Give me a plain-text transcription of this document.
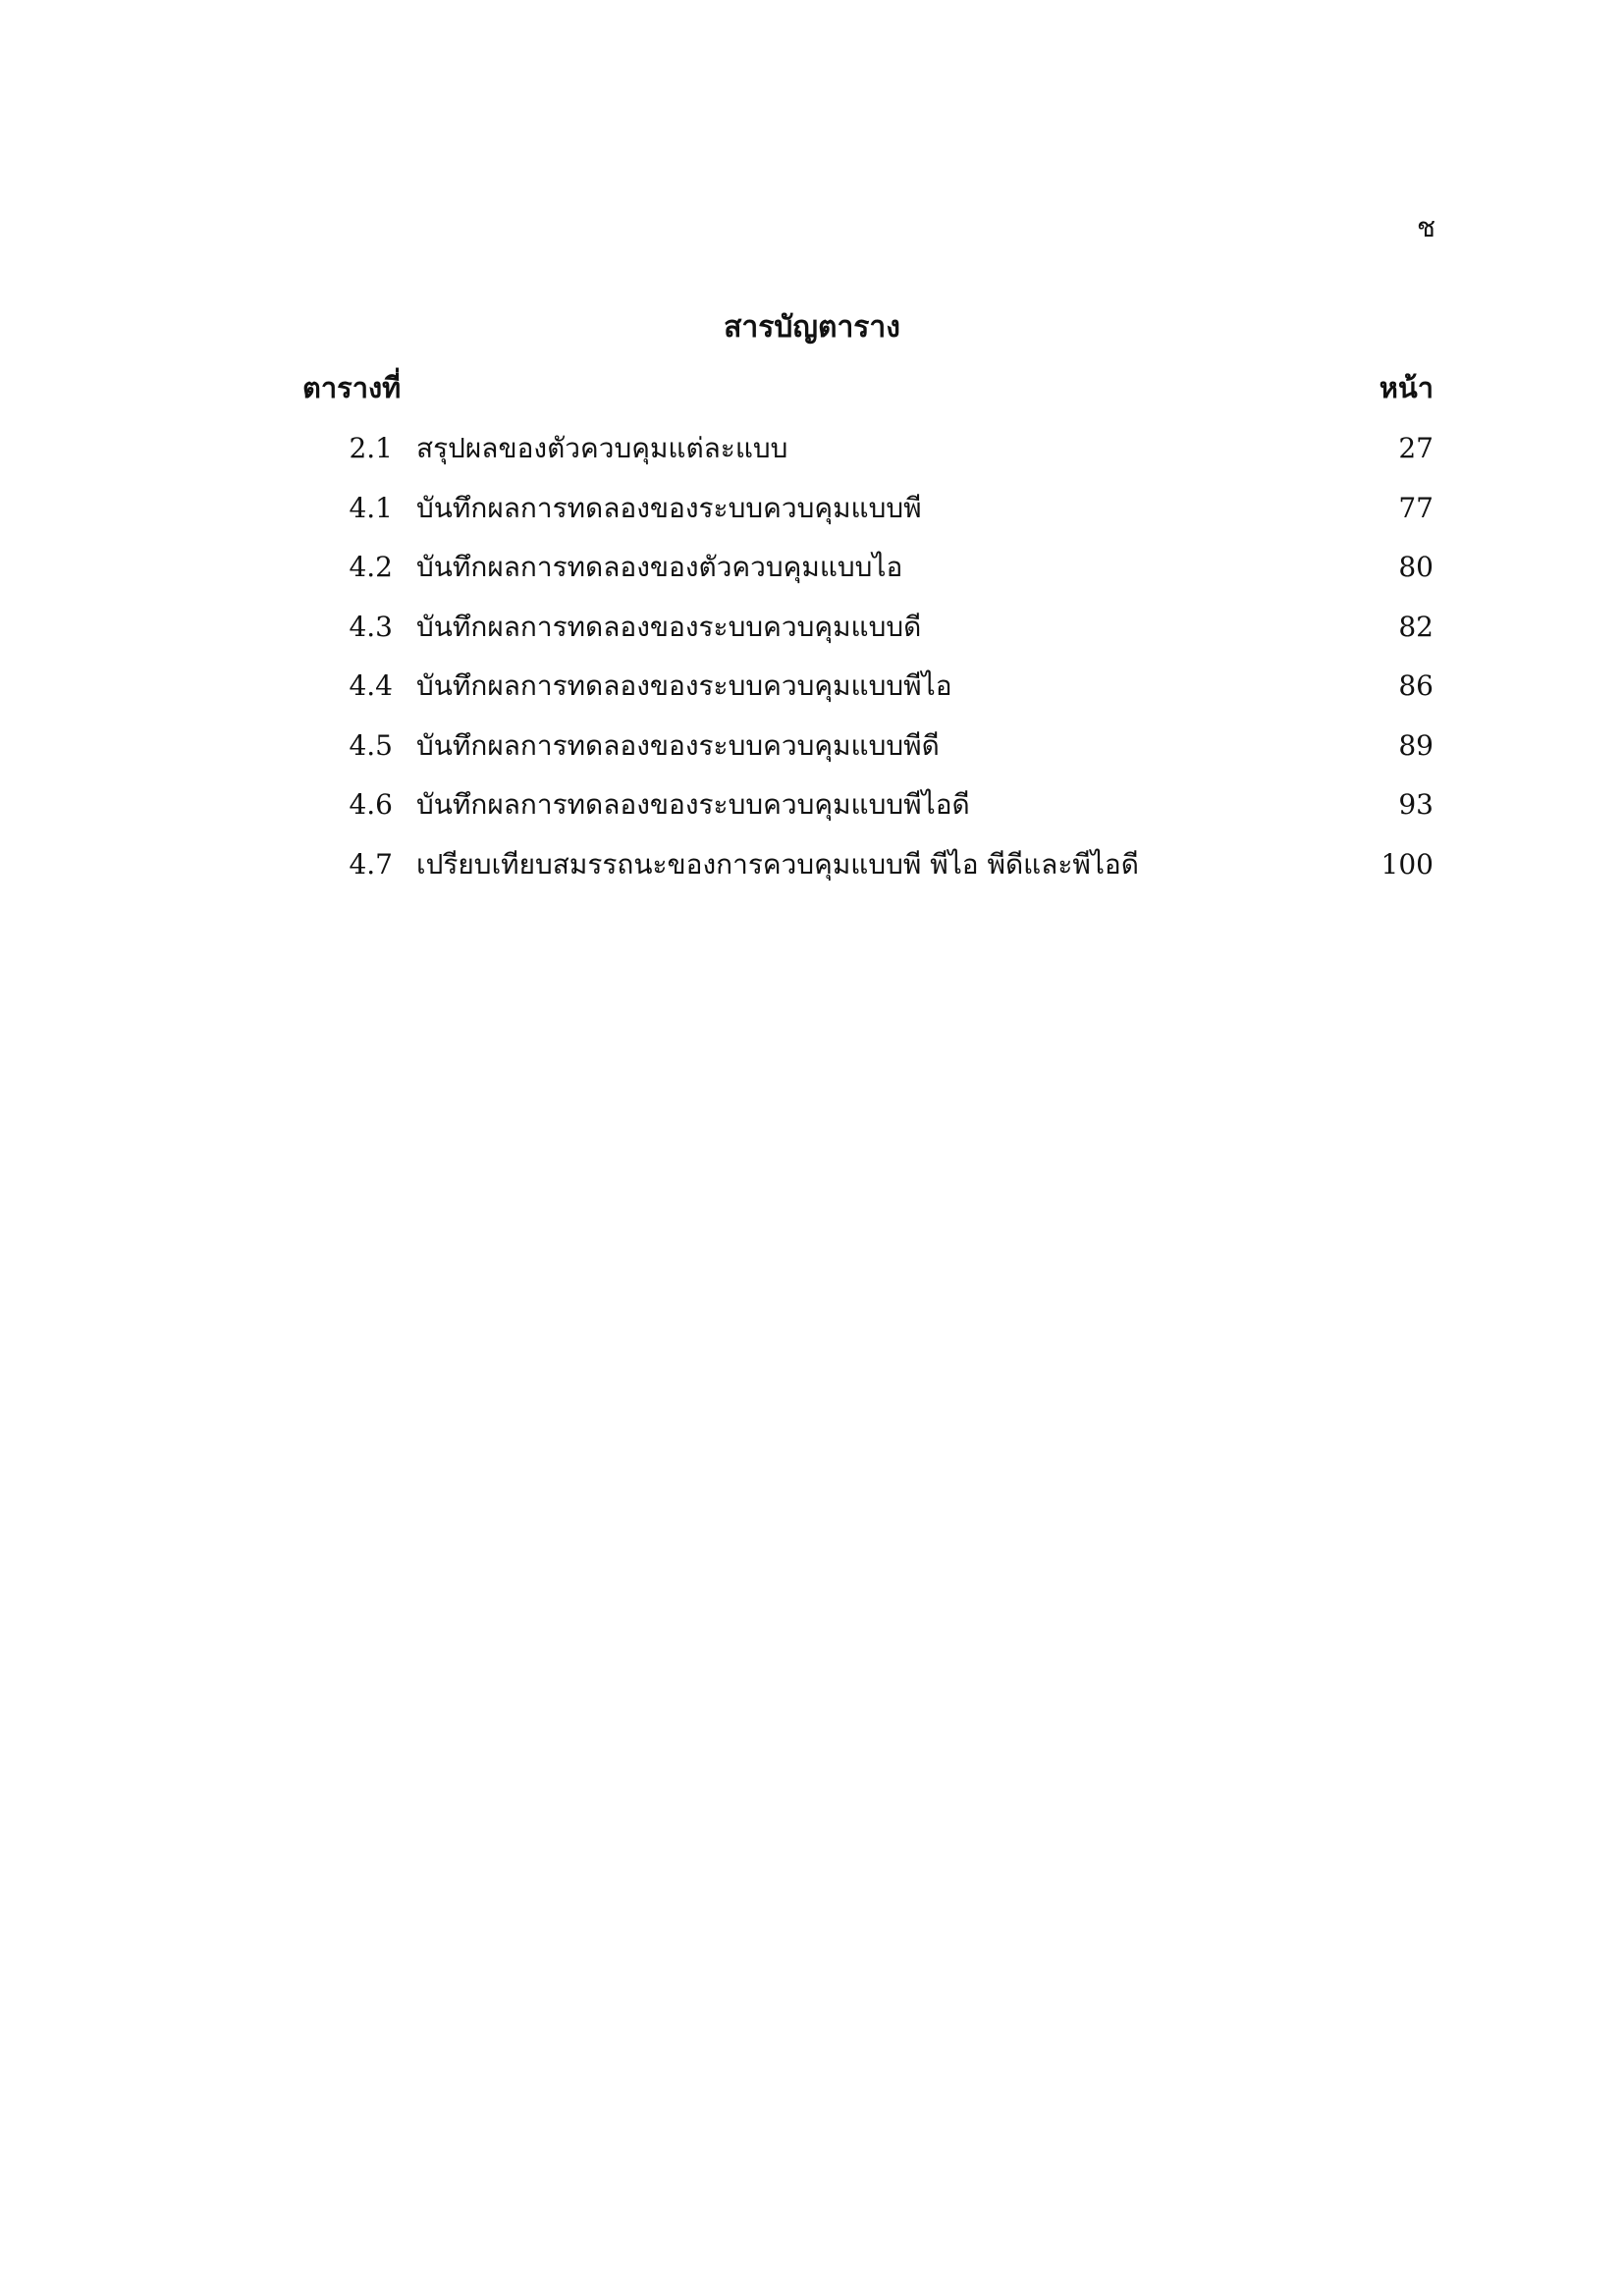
ช
สารบัญตาราง
ตารางที่	หน้า
2.1 สรุปผลของตัวควบคุมแต่ละแบบ	27
4.1 บันทึกผลการทดลองของระบบควบคุมแบบพี	77
4.2 บันทึกผลการทดลองของตัวควบคุมแบบไอ	80
4.3 บันทึกผลการทดลองของระบบควบคุมแบบดี	82
4.4 บันทึกผลการทดลองของระบบควบคุมแบบพีไอ	86
4.5 บันทึกผลการทดลองของระบบควบคุมแบบพีดี	89
4.6 บันทึกผลการทดลองของระบบควบคุมแบบพีไอดี	93
4.7 เปรียบเทียบสมรรถนะของการควบคุมแบบพี พีไอ พีดีและพีไอดี	100
